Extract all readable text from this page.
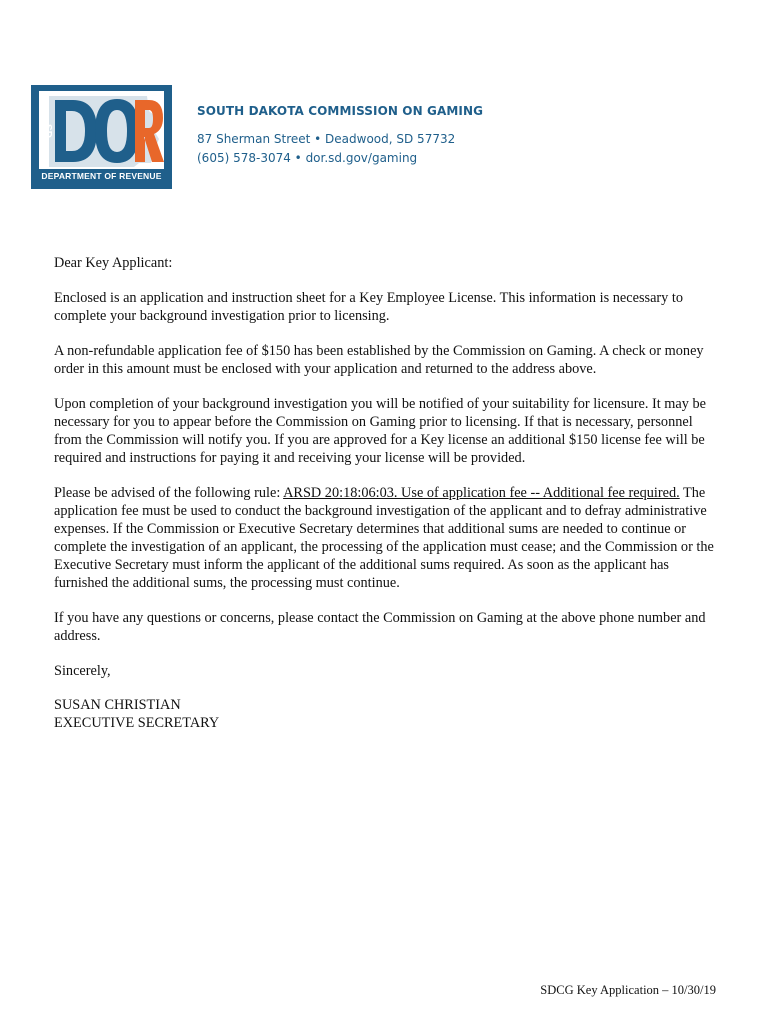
SD
DEPARTMENT OF REVENUE
SOUTH DAKOTA COMMISSION ON GAMING
87 Sherman Street • Deadwood, SD 57732
(605) 578-3074 • dor.sd.gov/gaming

Dear Key Applicant:

Enclosed is an application and instruction sheet for a Key Employee License. This information is necessary to complete your background investigation prior to licensing.

A non-refundable application fee of $150 has been established by the Commission on Gaming. A check or money order in this amount must be enclosed with your application and returned to the address above.

Upon completion of your background investigation you will be notified of your suitability for licensure. It may be necessary for you to appear before the Commission on Gaming prior to licensing. If that is necessary, personnel from the Commission will notify you. If you are approved for a Key license an additional $150 license fee will be required and instructions for paying it and receiving your license will be provided.

Please be advised of the following rule: ARSD 20:18:06:03. Use of application fee -- Additional fee required. The application fee must be used to conduct the background investigation of the applicant and to defray administrative expenses. If the Commission or Executive Secretary determines that additional sums are needed to continue or complete the investigation of an applicant, the processing of the application must cease; and the Commission or the Executive Secretary must inform the applicant of the additional sums required. As soon as the applicant has furnished the additional sums, the processing must continue.

If you have any questions or concerns, please contact the Commission on Gaming at the above phone number and address.

Sincerely,

SUSAN CHRISTIAN
EXECUTIVE SECRETARY
SDCG Key Application – 10/30/19
